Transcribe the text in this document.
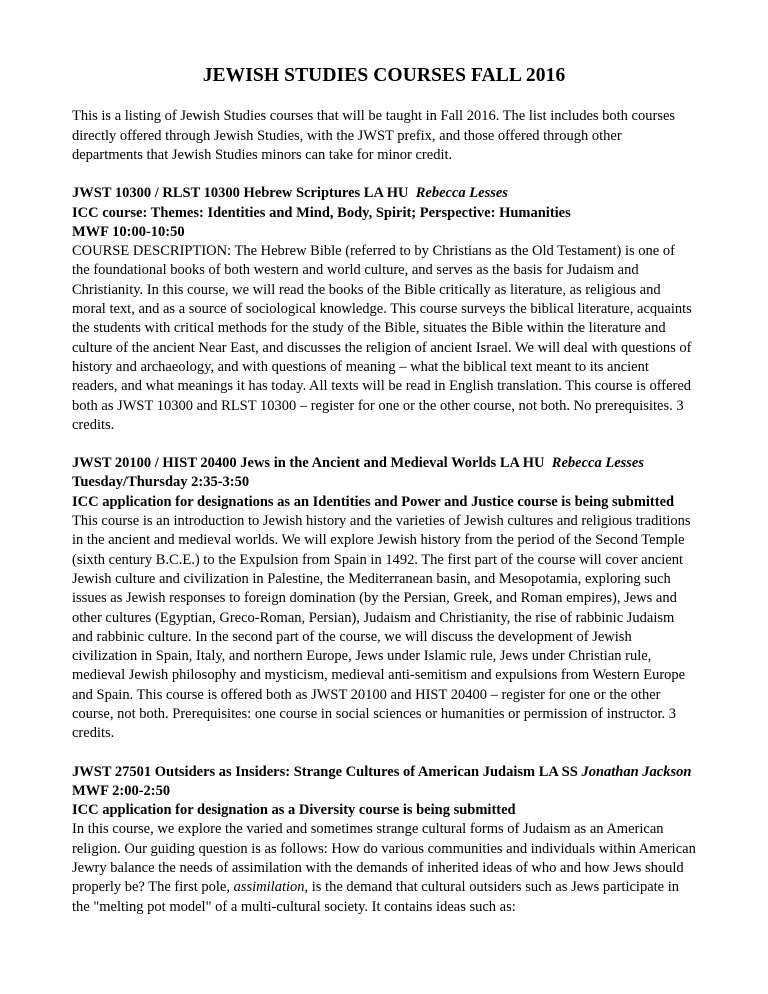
JEWISH STUDIES COURSES FALL 2016

This is a listing of Jewish Studies courses that will be taught in Fall 2016. The list includes both courses directly offered through Jewish Studies, with the JWST prefix, and those offered through other departments that Jewish Studies minors can take for minor credit.

JWST 10300 / RLST 10300 Hebrew Scriptures LA HU Rebecca Lesses

ICC course: Themes: Identities and Mind, Body, Spirit; Perspective: Humanities

MWF 10:00-10:50

COURSE DESCRIPTION: The Hebrew Bible (referred to by Christians as the Old Testament) is one of the foundational books of both western and world culture, and serves as the basis for Judaism and Christianity. In this course, we will read the books of the Bible critically as literature, as religious and moral text, and as a source of sociological knowledge. This course surveys the biblical literature, acquaints the students with critical methods for the study of the Bible, situates the Bible within the literature and culture of the ancient Near East, and discusses the religion of ancient Israel. We will deal with questions of history and archaeology, and with questions of meaning – what the biblical text meant to its ancient readers, and what meanings it has today. All texts will be read in English translation. This course is offered both as JWST 10300 and RLST 10300 – register for one or the other course, not both. No prerequisites. 3 credits.

JWST 20100 / HIST 20400 Jews in the Ancient and Medieval Worlds LA HU Rebecca Lesses

Tuesday/Thursday 2:35-3:50

ICC application for designations as an Identities and Power and Justice course is being submitted

This course is an introduction to Jewish history and the varieties of Jewish cultures and religious traditions in the ancient and medieval worlds. We will explore Jewish history from the period of the Second Temple (sixth century B.C.E.) to the Expulsion from Spain in 1492. The first part of the course will cover ancient Jewish culture and civilization in Palestine, the Mediterranean basin, and Mesopotamia, exploring such issues as Jewish responses to foreign domination (by the Persian, Greek, and Roman empires), Jews and other cultures (Egyptian, Greco-Roman, Persian), Judaism and Christianity, the rise of rabbinic Judaism and rabbinic culture. In the second part of the course, we will discuss the development of Jewish civilization in Spain, Italy, and northern Europe, Jews under Islamic rule, Jews under Christian rule, medieval Jewish philosophy and mysticism, medieval anti-semitism and expulsions from Western Europe and Spain. This course is offered both as JWST 20100 and HIST 20400 – register for one or the other course, not both. Prerequisites: one course in social sciences or humanities or permission of instructor. 3 credits.

JWST 27501 Outsiders as Insiders: Strange Cultures of American Judaism LA SS Jonathan Jackson

MWF 2:00-2:50

ICC application for designation as a Diversity course is being submitted

In this course, we explore the varied and sometimes strange cultural forms of Judaism as an American religion. Our guiding question is as follows: How do various communities and individuals within American Jewry balance the needs of assimilation with the demands of inherited ideas of who and how Jews should properly be? The first pole, assimilation, is the demand that cultural outsiders such as Jews participate in the "melting pot model" of a multi-cultural society. It contains ideas such as:
